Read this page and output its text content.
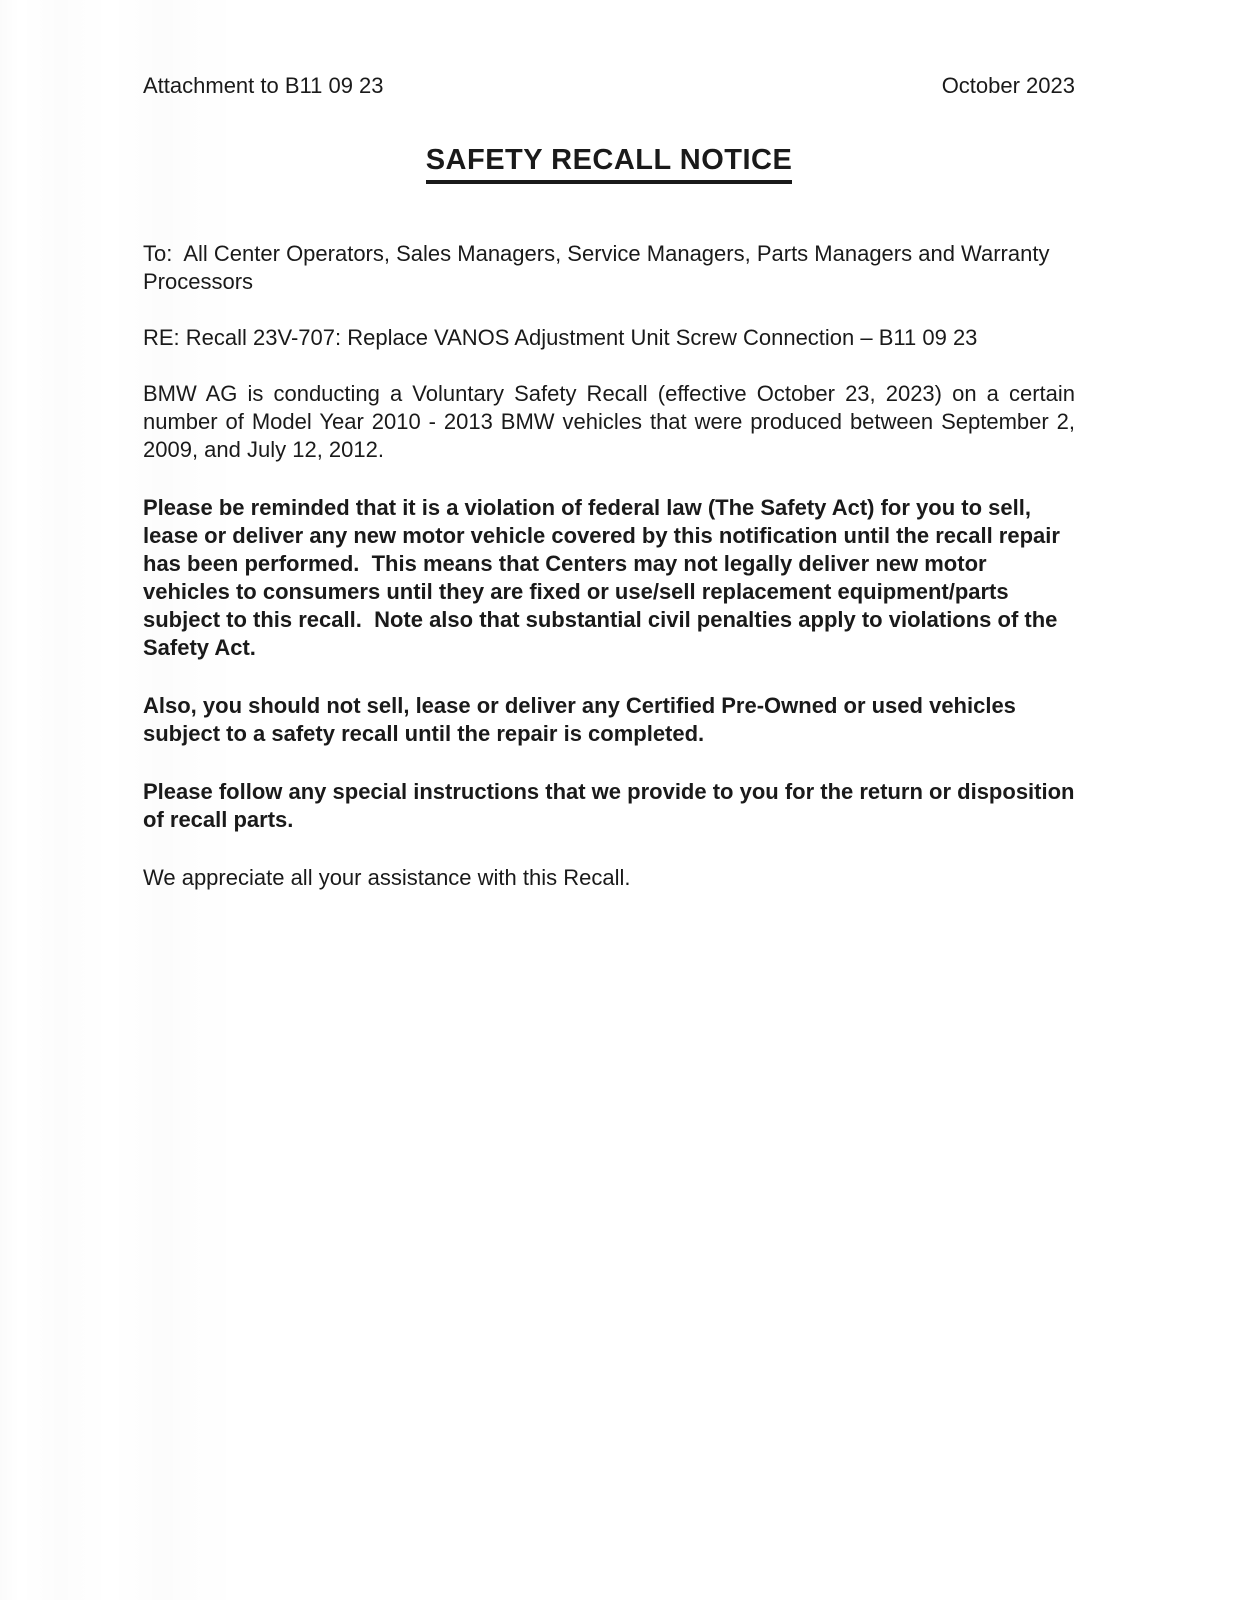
Attachment to B11 09 23	October 2023
SAFETY RECALL NOTICE

To:  All Center Operators, Sales Managers, Service Managers, Parts Managers and Warranty Processors

RE: Recall 23V-707: Replace VANOS Adjustment Unit Screw Connection – B11 09 23

BMW AG is conducting a Voluntary Safety Recall (effective October 23, 2023) on a certain number of Model Year 2010 - 2013 BMW vehicles that were produced between September 2, 2009, and July 12, 2012.

Please be reminded that it is a violation of federal law (The Safety Act) for you to sell, lease or deliver any new motor vehicle covered by this notification until the recall repair has been performed.  This means that Centers may not legally deliver new motor vehicles to consumers until they are fixed or use/sell replacement equipment/parts subject to this recall.  Note also that substantial civil penalties apply to violations of the Safety Act.

Also, you should not sell, lease or deliver any Certified Pre-Owned or used vehicles subject to a safety recall until the repair is completed.

Please follow any special instructions that we provide to you for the return or disposition of recall parts.

We appreciate all your assistance with this Recall.
